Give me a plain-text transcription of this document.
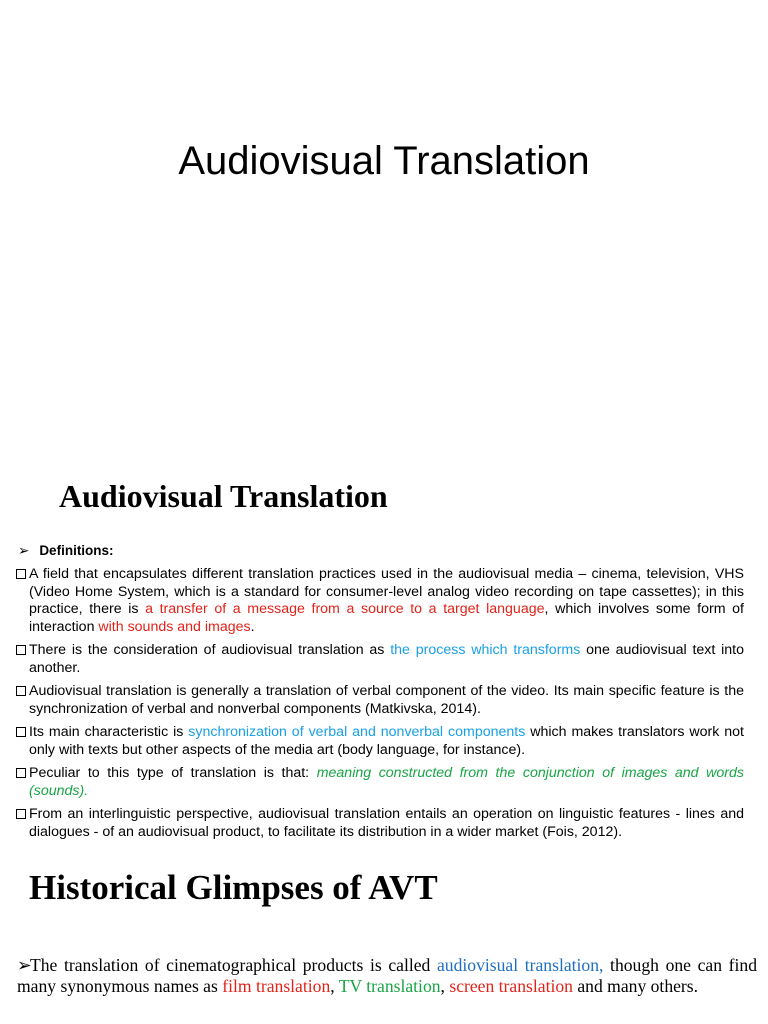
Audiovisual Translation
Audiovisual Translation
➢ Definitions:
A field that encapsulates different translation practices used in the audiovisual media – cinema, television, VHS (Video Home System, which is a standard for consumer-level analog video recording on tape cassettes); in this practice, there is a transfer of a message from a source to a target language, which involves some form of interaction with sounds and images.
There is the consideration of audiovisual translation as the process which transforms one audiovisual text into another.
Audiovisual translation is generally a translation of verbal component of the video. Its main specific feature is the synchronization of verbal and nonverbal components (Matkivska, 2014).
Its main characteristic is synchronization of verbal and nonverbal components which makes translators work not only with texts but other aspects of the media art (body language, for instance).
Peculiar to this type of translation is that: meaning constructed from the conjunction of images and words (sounds).
From an interlinguistic perspective, audiovisual translation entails an operation on linguistic features - lines and dialogues - of an audiovisual product, to facilitate its distribution in a wider market (Fois, 2012).
Historical Glimpses of AVT
➢The translation of cinematographical products is called audiovisual translation, though one can find many synonymous names as film translation, TV translation, screen translation and many others.
